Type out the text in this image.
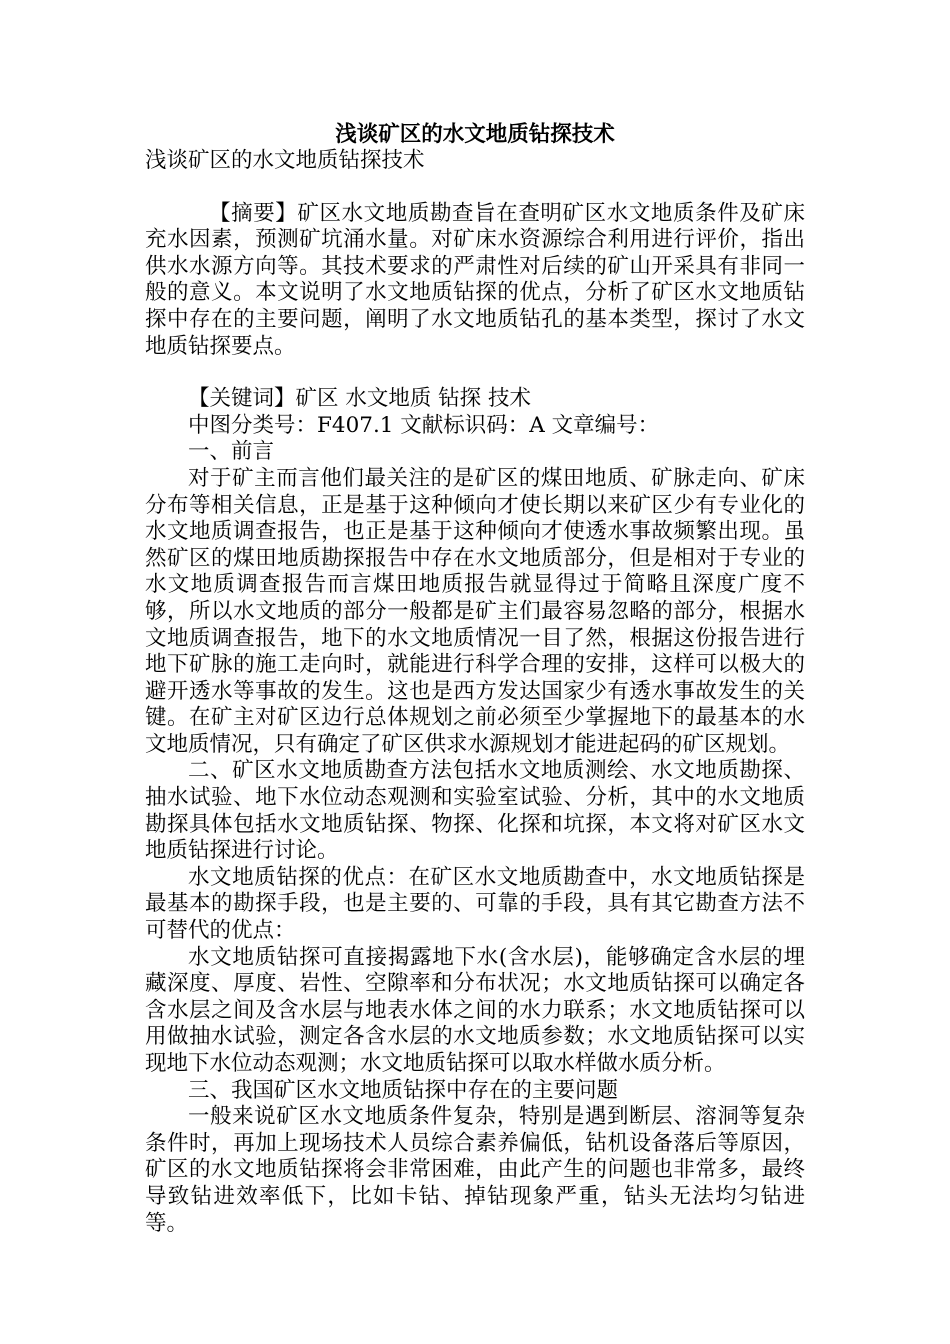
浅谈矿区的水文地质钻探技术
浅谈矿区的水文地质钻探技术

【摘要】矿区水文地质勘查旨在查明矿区水文地质条件及矿床充水因素，预测矿坑涌水量。对矿床水资源综合利用进行评价，指出供水水源方向等。其技术要求的严肃性对后续的矿山开采具有非同一般的意义。本文说明了水文地质钻探的优点，分析了矿区水文地质钻探中存在的主要问题，阐明了水文地质钻孔的基本类型，探讨了水文地质钻探要点。

【关键词】矿区 水文地质 钻探 技术

中图分类号：F407.1 文献标识码：A 文章编号：

一、前言

对于矿主而言他们最关注的是矿区的煤田地质、矿脉走向、矿床分布等相关信息，正是基于这种倾向才使长期以来矿区少有专业化的水文地质调查报告，也正是基于这种倾向才使透水事故频繁出现。虽然矿区的煤田地质勘探报告中存在水文地质部分，但是相对于专业的水文地质调查报告而言煤田地质报告就显得过于简略且深度广度不够，所以水文地质的部分一般都是矿主们最容易忽略的部分，根据水文地质调查报告，地下的水文地质情况一目了然，根据这份报告进行地下矿脉的施工走向时，就能进行科学合理的安排，这样可以极大的避开透水等事故的发生。这也是西方发达国家少有透水事故发生的关键。在矿主对矿区边行总体规划之前必须至少掌握地下的最基本的水文地质情况，只有确定了矿区供求水源规划才能进起码的矿区规划。

二、矿区水文地质勘查方法包括水文地质测绘、水文地质勘探、抽水试验、地下水位动态观测和实验室试验、分析，其中的水文地质勘探具体包括水文地质钻探、物探、化探和坑探，本文将对矿区水文地质钻探进行讨论。

水文地质钻探的优点：在矿区水文地质勘查中，水文地质钻探是最基本的勘探手段，也是主要的、可靠的手段，具有其它勘查方法不可替代的优点：

水文地质钻探可直接揭露地下水(含水层)，能够确定含水层的埋藏深度、厚度、岩性、空隙率和分布状况；水文地质钻探可以确定各含水层之间及含水层与地表水体之间的水力联系；水文地质钻探可以用做抽水试验，测定各含水层的水文地质参数；水文地质钻探可以实现地下水位动态观测；水文地质钻探可以取水样做水质分析。

三、我国矿区水文地质钻探中存在的主要问题

一般来说矿区水文地质条件复杂，特别是遇到断层、溶洞等复杂条件时，再加上现场技术人员综合素养偏低，钻机设备落后等原因，矿区的水文地质钻探将会非常困难，由此产生的问题也非常多，最终导致钻进效率低下，比如卡钻、掉钻现象严重，钻头无法均匀钻进等。
